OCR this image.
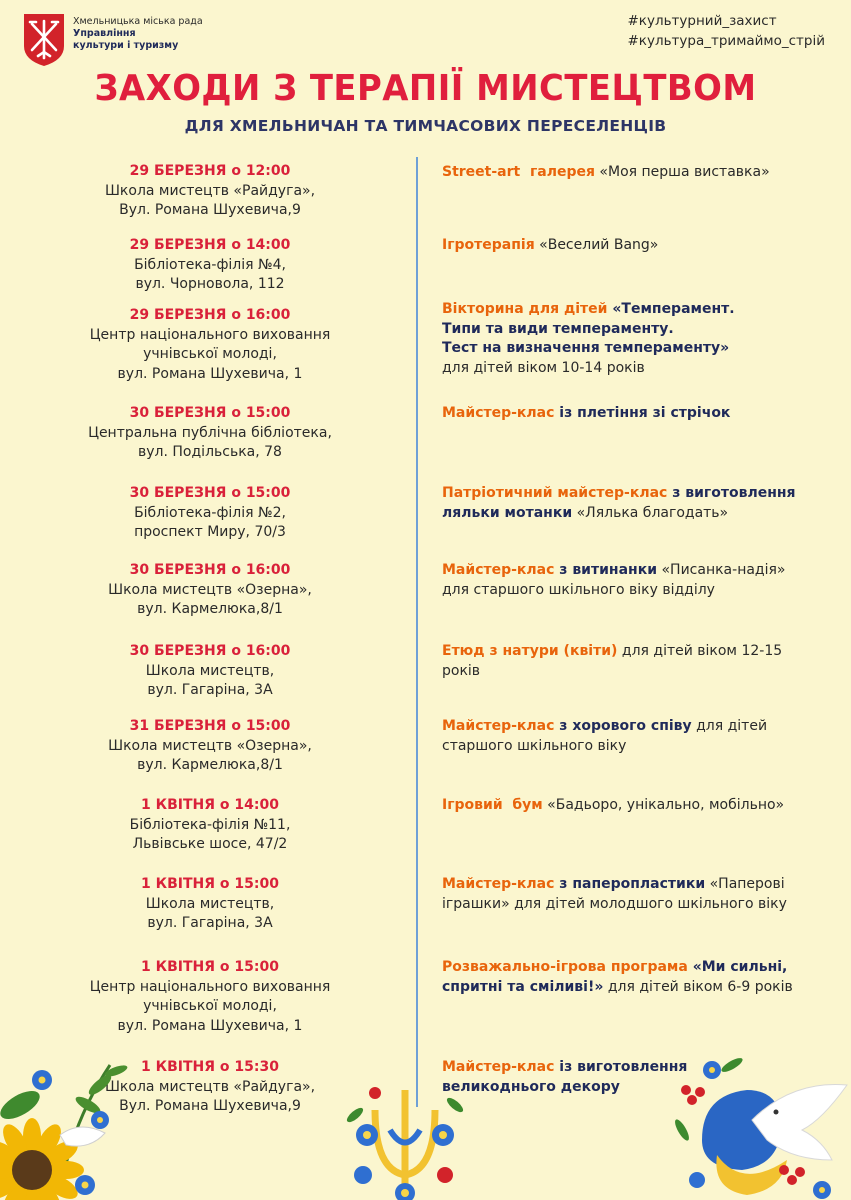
Хмельницька міська рада
Управління
культури і туризму
#культурний_захист
#культура_тримаймо_стрій
ЗАХОДИ З ТЕРАПІЇ МИСТЕЦТВОМ
ДЛЯ ХМЕЛЬНИЧАН ТА ТИМЧАСОВИХ ПЕРЕСЕЛЕНЦІВ
29 БЕРЕЗНЯ о 12:00
Школа мистецтв «Райдуга»,
Вул. Романа Шухевича,9
Street-art  галерея «Моя перша виставка»
29 БЕРЕЗНЯ о 14:00
Бібліотека-філія №4,
вул. Чорновола, 112
Ігротерапія «Веселий Bang»
29 БЕРЕЗНЯ о 16:00
Центр національного виховання
учнівської молоді,
вул. Романа Шухевича, 1
Вікторина для дітей «Темперамент.
Типи та види темпераменту.
Тест на визначення темпераменту»
для дітей віком 10-14 років
30 БЕРЕЗНЯ о 15:00
Центральна публічна бібліотека,
вул. Подільська, 78
Майстер-клас із плетіння зі стрічок
30 БЕРЕЗНЯ о 15:00
Бібліотека-філія №2,
проспект Миру, 70/3
Патріотичний майстер-клас з виготовлення
ляльки мотанки «Лялька благодать»
30 БЕРЕЗНЯ о 16:00
Школа мистецтв «Озерна»,
вул. Кармелюка,8/1
Майстер-клас з витинанки «Писанка-надія»
для старшого шкільного віку відділу
30 БЕРЕЗНЯ о 16:00
Школа мистецтв,
вул. Гагаріна, 3А
Етюд з натури (квіти) для дітей віком 12-15
років
31 БЕРЕЗНЯ о 15:00
Школа мистецтв «Озерна»,
вул. Кармелюка,8/1
Майстер-клас з хорового співу для дітей
старшого шкільного віку
1 КВІТНЯ о 14:00
Бібліотека-філія №11,
Львівське шосе, 47/2
Ігровий  бум «Бадьоро, унікально, мобільно»
1 КВІТНЯ о 15:00
Школа мистецтв,
вул. Гагаріна, 3А
Майстер-клас з паперопластики «Паперові
іграшки» для дітей молодшого шкільного віку
1 КВІТНЯ о 15:00
Центр національного виховання
учнівської молоді,
вул. Романа Шухевича, 1
Розважально-ігрова програма «Ми сильні,
спритні та сміливі!» для дітей віком 6-9 років
1 КВІТНЯ о 15:30
Школа мистецтв «Райдуга»,
Вул. Романа Шухевича,9
Майстер-клас із виготовлення
великоднього декору
